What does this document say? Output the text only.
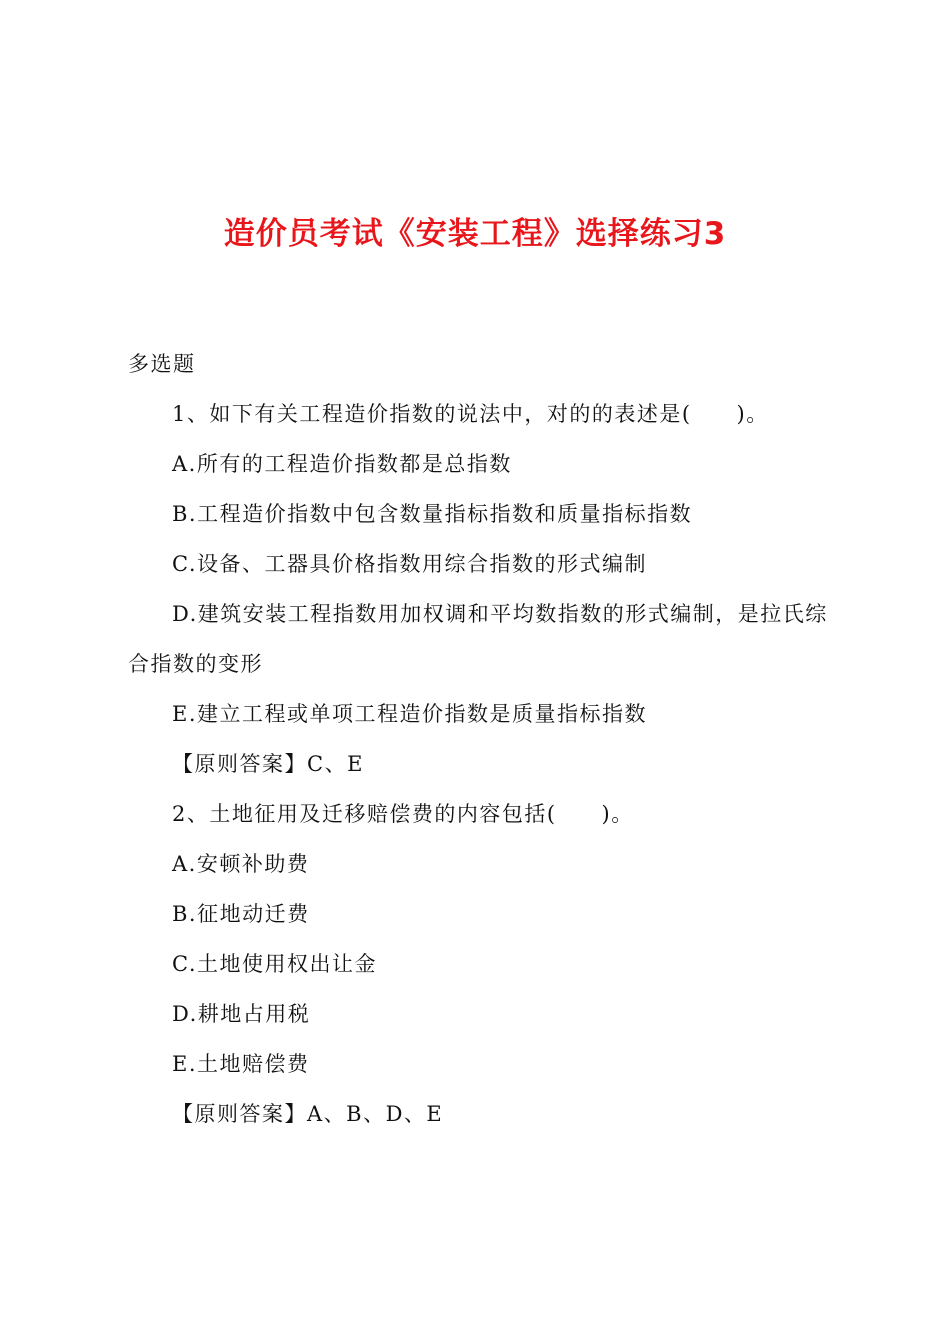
造价员考试《安装工程》选择练习3
多选题
1、如下有关工程造价指数的说法中，对的的表述是(　　)。
A.所有的工程造价指数都是总指数
B.工程造价指数中包含数量指标指数和质量指标指数
C.设备、工器具价格指数用综合指数的形式编制
D.建筑安装工程指数用加权调和平均数指数的形式编制，是拉氏综合指数的变形
E.建立工程或单项工程造价指数是质量指标指数
【原则答案】C、E
2、土地征用及迁移赔偿费的内容包括(　　)。
A.安顿补助费
B.征地动迁费
C.土地使用权出让金
D.耕地占用税
E.土地赔偿费
【原则答案】A、B、D、E
